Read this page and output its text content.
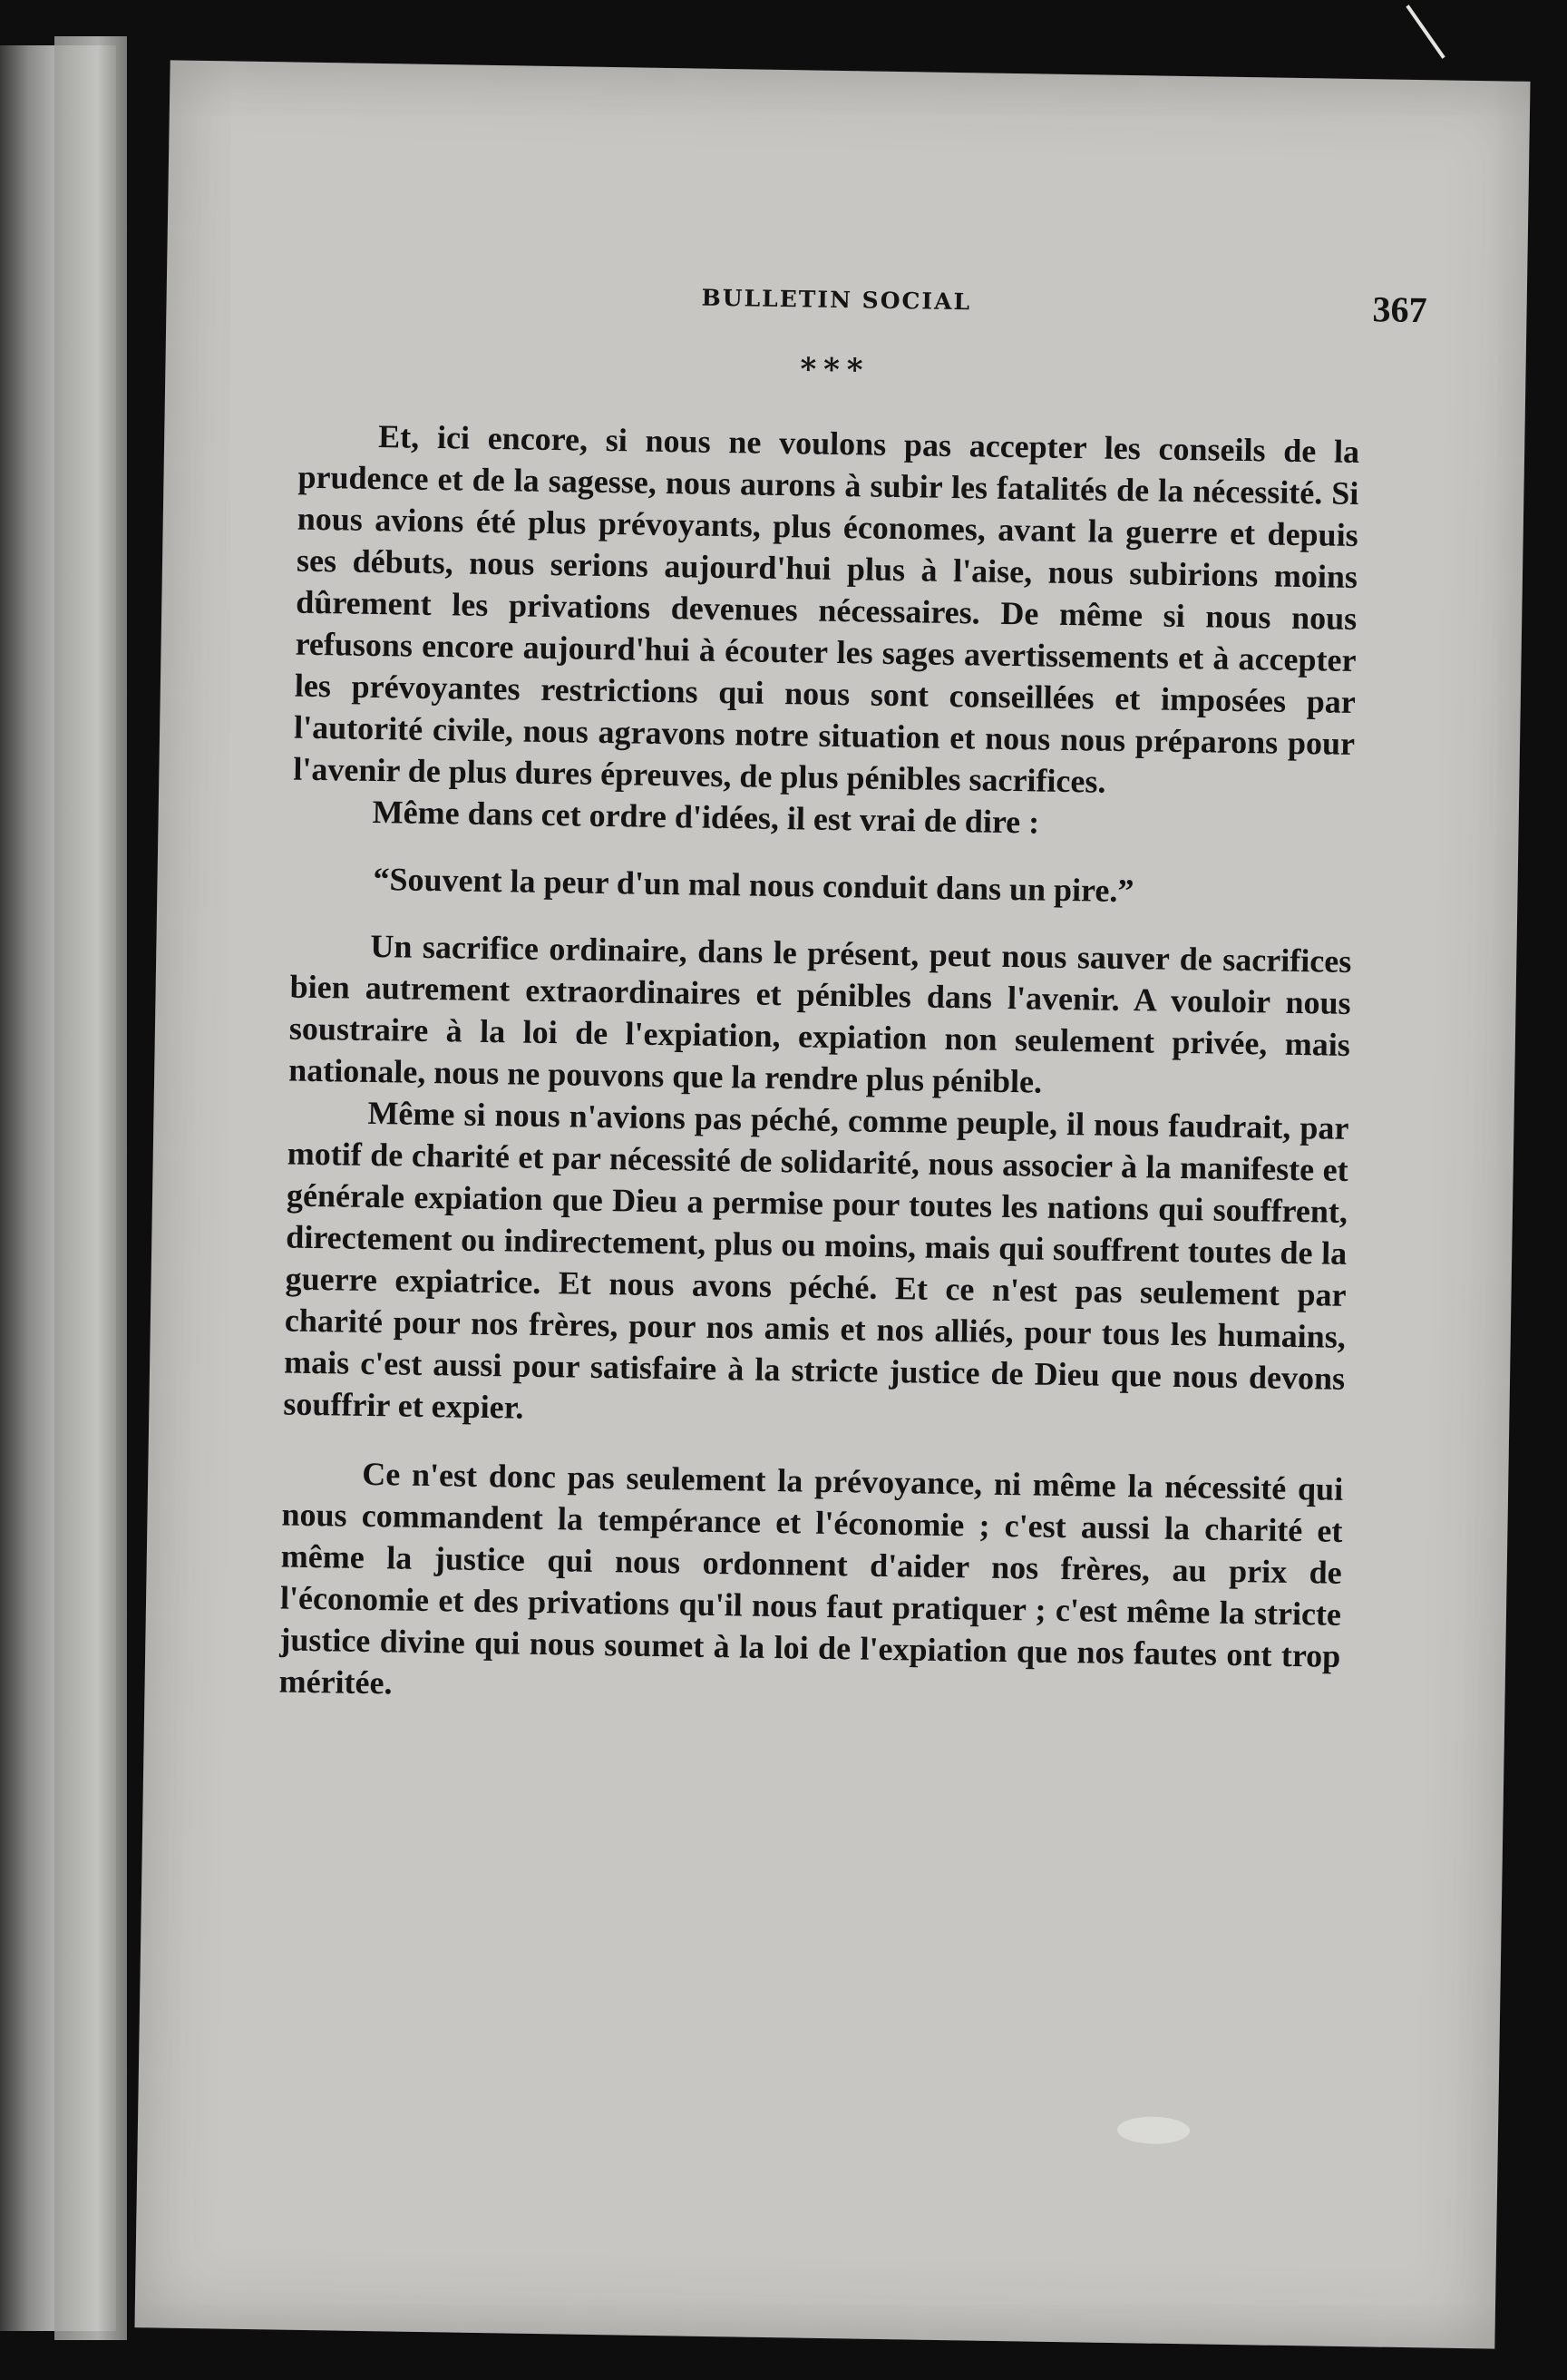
BULLETIN SOCIAL	367
* * *

Et, ici encore, si nous ne voulons pas accepter les conseils de la prudence et de la sagesse, nous aurons à subir les fatalités de la nécessité. Si nous avions été plus prévoyants, plus économes, avant la guerre et depuis ses débuts, nous serions aujourd'hui plus à l'aise, nous subirions moins dûrement les privations devenues nécessaires. De même si nous nous refusons encore aujourd'hui à écouter les sages avertissements et à accepter les prévoyantes restrictions qui nous sont conseillées et imposées par l'autorité civile, nous agravons notre situation et nous nous préparons pour l'avenir de plus dures épreuves, de plus pénibles sacrifices.

Même dans cet ordre d'idées, il est vrai de dire :

“Souvent la peur d'un mal nous conduit dans un pire.”

Un sacrifice ordinaire, dans le présent, peut nous sauver de sacrifices bien autrement extraordinaires et pénibles dans l'avenir. A vouloir nous soustraire à la loi de l'expiation, expiation non seulement privée, mais nationale, nous ne pouvons que la rendre plus pénible.

Même si nous n'avions pas péché, comme peuple, il nous faudrait, par motif de charité et par nécessité de solidarité, nous associer à la manifeste et générale expiation que Dieu a permise pour toutes les nations qui souffrent, directement ou indirectement, plus ou moins, mais qui souffrent toutes de la guerre expiatrice. Et nous avons péché. Et ce n'est pas seulement par charité pour nos frères, pour nos amis et nos alliés, pour tous les humains, mais c'est aussi pour satisfaire à la stricte justice de Dieu que nous devons souffrir et expier.

Ce n'est donc pas seulement la prévoyance, ni même la nécessité qui nous commandent la tempérance et l'économie ; c'est aussi la charité et même la justice qui nous ordonnent d'aider nos frères, au prix de l'économie et des privations qu'il nous faut pratiquer ; c'est même la stricte justice divine qui nous soumet à la loi de l'expiation que nos fautes ont trop méritée.
